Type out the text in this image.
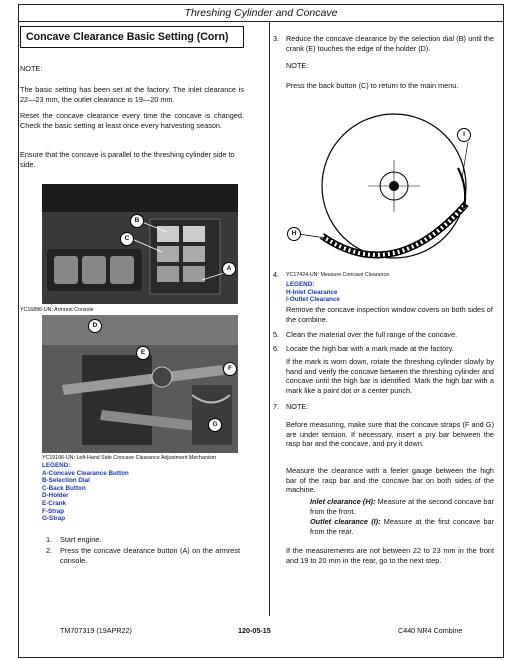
Threshing Cylinder and Concave
Concave Clearance Basic Setting (Corn)
NOTE:
The basic setting has been set at the factory. The inlet clearance is 22—23 mm, the outlet clearance is 19—20 mm.
Reset the concave clearance every time the concave is changed. Check the basic setting at least once every harvesting season.
Ensure that the concave is parallel to the threshing cylinder side to side.
B
C
A
YC16886-UN: Armrest Console
D
E
F
G
YC19166-UN: Left-Hand Side Concave Clearance Adjustment Mechanism
LEGEND:
A-Concave Clearance Button
B-Selection Dial
C-Back Button
D-Holder
E-Crank
F-Strap
G-Strap
1. Start engine.
2. Press the concave clearance button (A) on the armrest console.
3. Reduce the concave clearance by the selection dial (B) until the crank (E) touches the edge of the holder (D).
NOTE:
Press the back button (C) to return to the main menu.
I
H
4. YC17424-UN: Measure Concave Clearance
LEGEND:
H-Inlet Clearance
I-Outlet Clearance
Remove the concave inspection window covers on both sides of the combine.
5. Clean the material over the full range of the concave.
6. Locate the high bar with a mark made at the factory.
If the mark is worn down, rotate the threshing cylinder slowly by hand and verify the concave between the threshing cylinder and concave until the high bar is identified. Mark the high bar with a mark like a paint dot or a center punch.
7. NOTE:
Before measuring, make sure that the concave straps (F and G) are under tension. If necessary, insert a pry bar between the rasp bar and the concave, and pry it down.
Measure the clearance with a feeler gauge between the high bar of the rasp bar and the concave bar on both sides of the machine.
Inlet clearance (H): Measure at the second concave bar from the front.
Outlet clearance (I): Measure at the first concave bar from the rear.
If the measurements are not between 22 to 23 mm in the front and 19 to 20 mm in the rear, go to the next step.
TM707319 (19APR22)	120-05-15	C440 NR4 Combine
